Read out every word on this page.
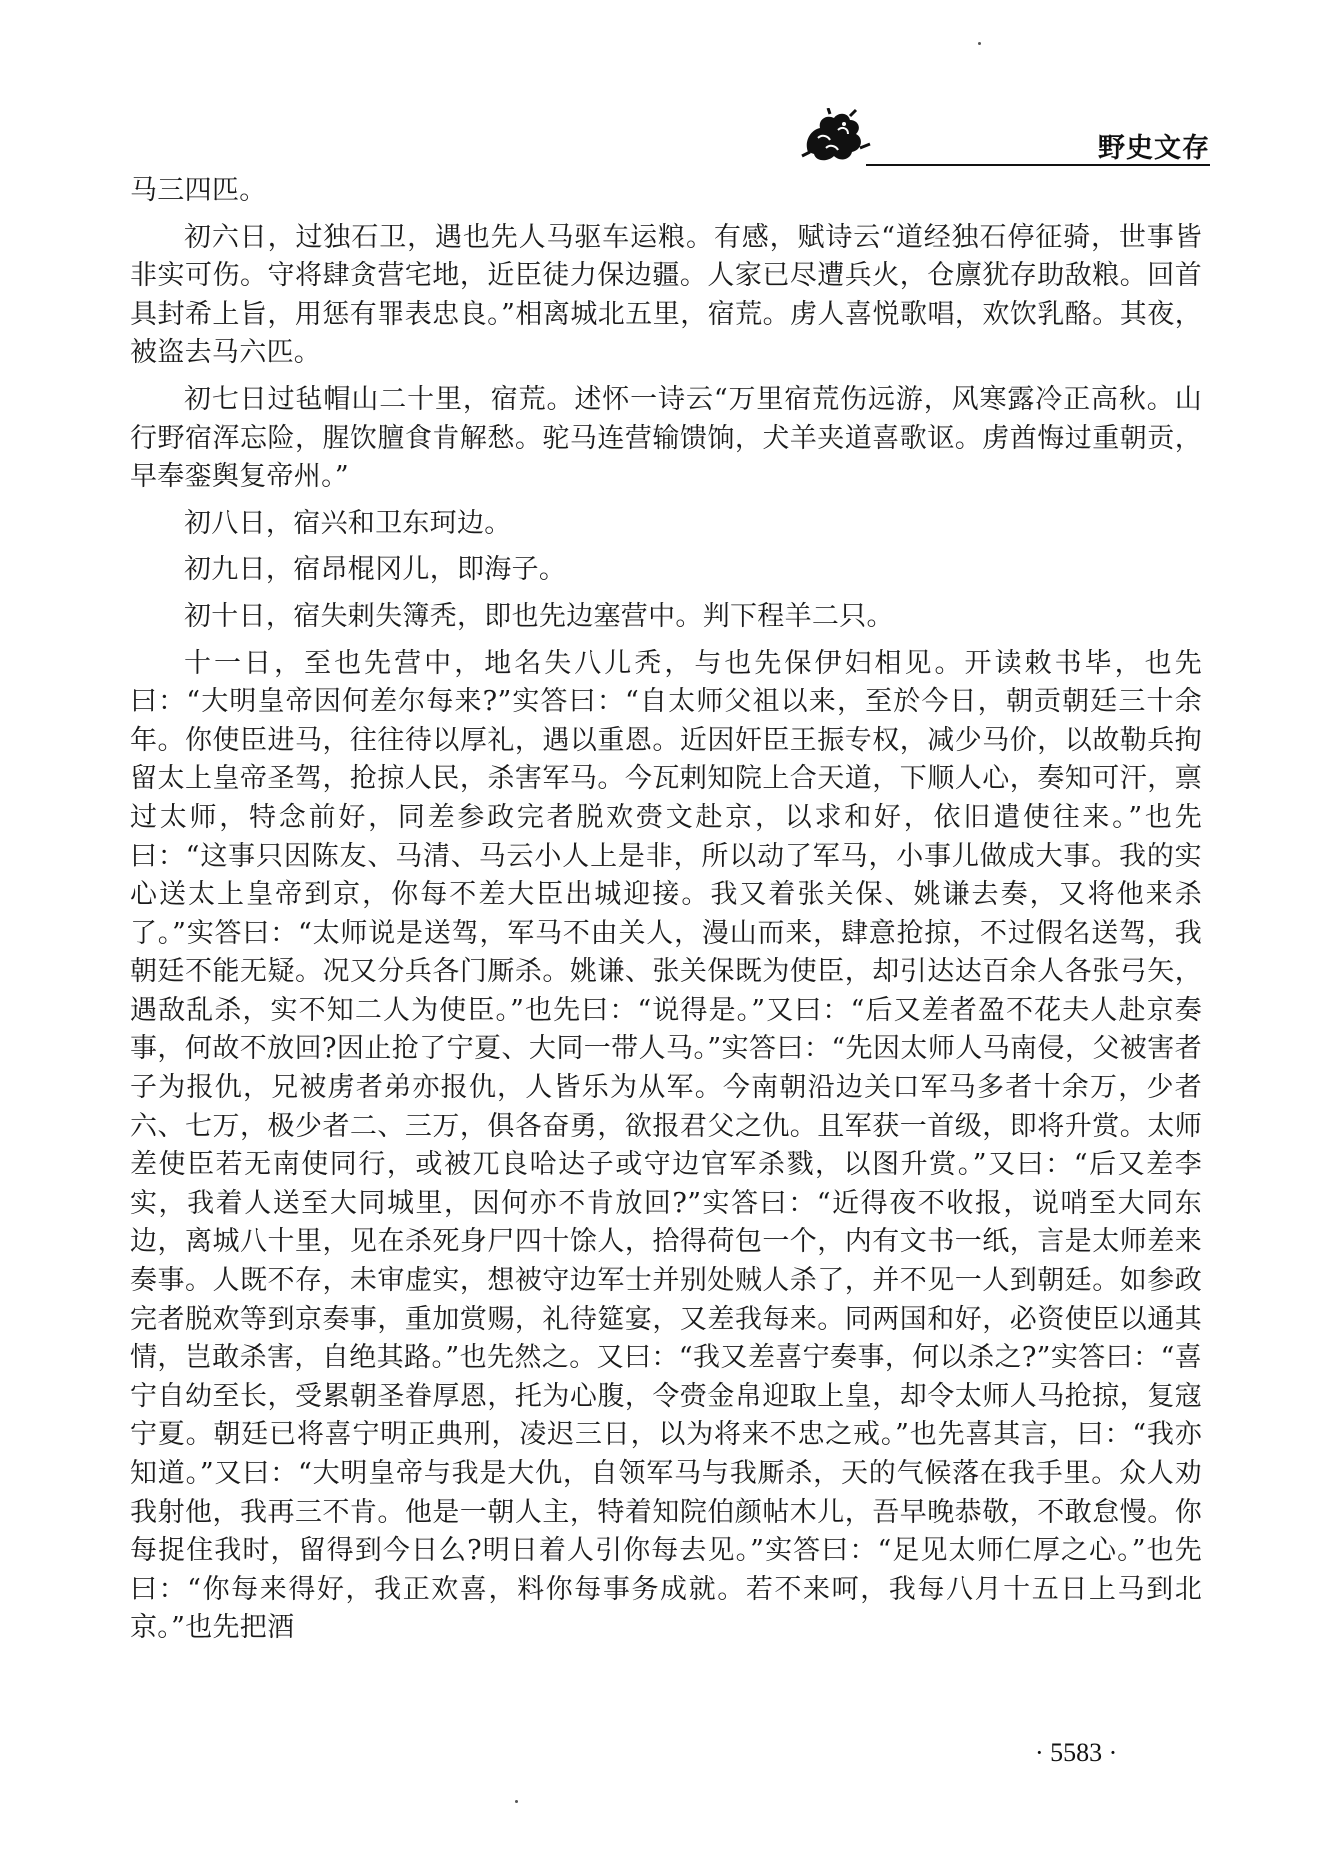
野史文存

马三四匹。

初六日，过独石卫，遇也先人马驱车运粮。有感，赋诗云“道经独石停征骑，世事皆非实可伤。守将肆贪营宅地，近臣徒力保边疆。人家已尽遭兵火，仓廪犹存助敌粮。回首具封希上旨，用惩有罪表忠良。”相离城北五里，宿荒。虏人喜悦歌唱，欢饮乳酪。其夜，被盗去马六匹。

初七日过毡帽山二十里，宿荒。述怀一诗云“万里宿荒伤远游，风寒露冷正高秋。山行野宿浑忘险，腥饮膻食肯解愁。驼马连营输馈饷，犬羊夹道喜歌讴。虏酋悔过重朝贡，早奉銮舆复帝州。”

初八日，宿兴和卫东珂边。

初九日，宿昂棍冈儿，即海子。

初十日，宿失剌失簿秃，即也先边塞营中。判下程羊二只。

十一日，至也先营中，地名失八儿秃，与也先保伊妇相见。开读敕书毕，也先曰：“大明皇帝因何差尔每来?”实答曰：“自太师父祖以来，至於今日，朝贡朝廷三十余年。你使臣进马，往往待以厚礼，遇以重恩。近因奸臣王振专权，减少马价，以故勒兵拘留太上皇帝圣驾，抢掠人民，杀害军马。今瓦剌知院上合天道，下顺人心，奏知可汗，禀过太师，特念前好，同差参政完者脱欢赍文赴京，以求和好，依旧遣使往来。”也先曰：“这事只因陈友、马清、马云小人上是非，所以动了军马，小事儿做成大事。我的实心送太上皇帝到京，你每不差大臣出城迎接。我又着张关保、姚谦去奏，又将他来杀了。”实答曰：“太师说是送驾，军马不由关人，漫山而来，肆意抢掠，不过假名送驾，我朝廷不能无疑。况又分兵各门厮杀。姚谦、张关保既为使臣，却引达达百余人各张弓矢，遇敌乱杀，实不知二人为使臣。”也先曰：“说得是。”又曰：“后又差者盈不花夫人赴京奏事，何故不放回?因止抢了宁夏、大同一带人马。”实答曰：“先因太师人马南侵，父被害者子为报仇，兄被虏者弟亦报仇，人皆乐为从军。今南朝沿边关口军马多者十余万，少者六、七万，极少者二、三万，俱各奋勇，欲报君父之仇。且军获一首级，即将升赏。太师差使臣若无南使同行，或被兀良哈达子或守边官军杀戮，以图升赏。”又曰：“后又差李实，我着人送至大同城里，因何亦不肯放回?”实答曰：“近得夜不收报，说哨至大同东边，离城八十里，见在杀死身尸四十馀人，拾得荷包一个，内有文书一纸，言是太师差来奏事。人既不存，未审虚实，想被守边军士并别处贼人杀了，并不见一人到朝廷。如参政完者脱欢等到京奏事，重加赏赐，礼待筵宴，又差我每来。同两国和好，必资使臣以通其情，岂敢杀害，自绝其路。”也先然之。又曰：“我又差喜宁奏事，何以杀之?”实答曰：“喜宁自幼至长，受累朝圣眷厚恩，托为心腹，令赍金帛迎取上皇，却令太师人马抢掠，复寇宁夏。朝廷已将喜宁明正典刑，凌迟三日，以为将来不忠之戒。”也先喜其言，曰：“我亦知道。”又曰：“大明皇帝与我是大仇，自领军马与我厮杀，天的气候落在我手里。众人劝我射他，我再三不肯。他是一朝人主，特着知院伯颜帖木儿，吾早晚恭敬，不敢怠慢。你每捉住我时，留得到今日么?明日着人引你每去见。”实答曰：“足见太师仁厚之心。”也先曰：“你每来得好，我正欢喜，料你每事务成就。若不来呵，我每八月十五日上马到北京。”也先把酒

· 5583 ·
